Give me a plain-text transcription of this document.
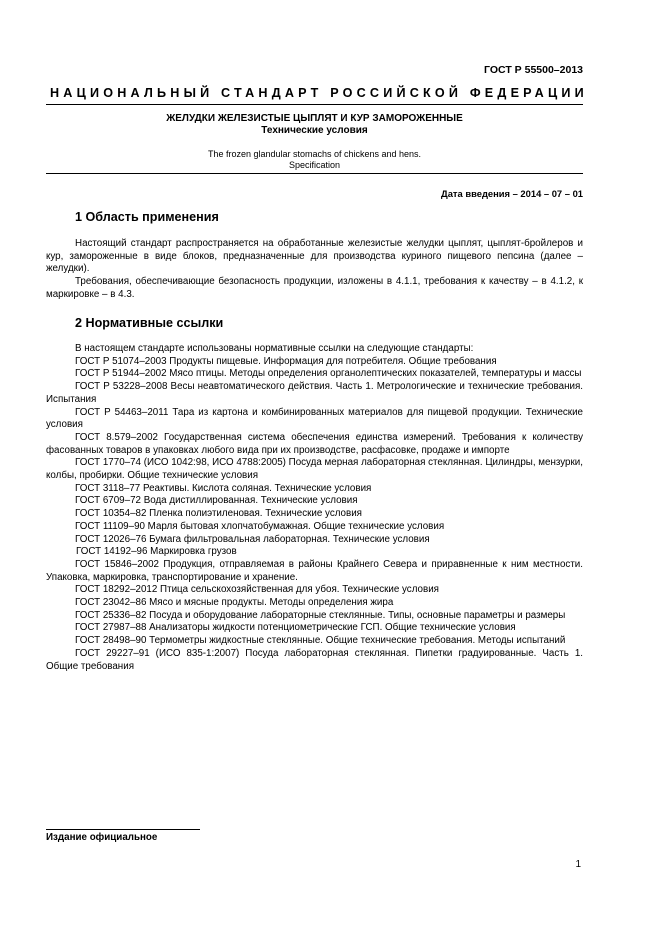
ГОСТ Р 55500–2013
НАЦИОНАЛЬНЫЙ СТАНДАРТ РОССИЙСКОЙ ФЕДЕРАЦИИ
ЖЕЛУДКИ ЖЕЛЕЗИСТЫЕ ЦЫПЛЯТ И КУР ЗАМОРОЖЕННЫЕ
Технические условия
The frozen glandular stomachs of chickens and hens.
Specification
Дата введения – 2014 – 07 – 01
1 Область применения

Настоящий стандарт распространяется на обработанные железистые желудки цыплят, цыплят-бройлеров и кур, замороженные в виде блоков, предназначенные для производства куриного пищевого пепсина (далее – желудки).

Требования, обеспечивающие безопасность продукции, изложены в 4.1.1, требования к качеству – в 4.1.2, к маркировке – в 4.3.

2 Нормативные ссылки

В настоящем стандарте использованы нормативные ссылки на следующие стандарты:

ГОСТ Р 51074–2003 Продукты пищевые. Информация для потребителя. Общие требования

ГОСТ Р 51944–2002 Мясо птицы. Методы определения органолептических показателей, температуры и массы

ГОСТ Р 53228–2008 Весы неавтоматического действия. Часть 1. Метрологические и технические требования. Испытания

ГОСТ Р 54463–2011 Тара из картона и комбинированных материалов для пищевой продукции. Технические условия

ГОСТ 8.579–2002 Государственная система обеспечения единства измерений. Требования к количеству фасованных товаров в упаковках любого вида при их производстве, расфасовке, продаже и импорте

ГОСТ 1770–74 (ИСО 1042:98, ИСО 4788:2005) Посуда мерная лабораторная стеклянная. Цилиндры, мензурки, колбы, пробирки. Общие технические условия

ГОСТ 3118–77 Реактивы. Кислота соляная. Технические условия

ГОСТ 6709–72 Вода дистиллированная. Технические условия

ГОСТ 10354–82 Пленка полиэтиленовая. Технические условия

ГОСТ 11109–90 Марля бытовая хлопчатобумажная. Общие технические условия

ГОСТ 12026–76 Бумага фильтровальная лабораторная. Технические условия

ГОСТ 14192–96 Маркировка грузов

ГОСТ 15846–2002 Продукция, отправляемая в районы Крайнего Севера и приравненные к ним местности. Упаковка, маркировка, транспортирование и хранение.

ГОСТ 18292–2012 Птица сельскохозяйственная для убоя. Технические условия

ГОСТ 23042–86 Мясо и мясные продукты. Методы определения жира

ГОСТ 25336–82 Посуда и оборудование лабораторные стеклянные. Типы, основные параметры и размеры

ГОСТ 27987–88 Анализаторы жидкости потенциометрические ГСП. Общие технические условия

ГОСТ 28498–90 Термометры жидкостные стеклянные. Общие технические требования. Методы испытаний

ГОСТ 29227–91 (ИСО 835-1:2007) Посуда лабораторная стеклянная. Пипетки градуированные. Часть 1. Общие требования

Издание официальное
1
